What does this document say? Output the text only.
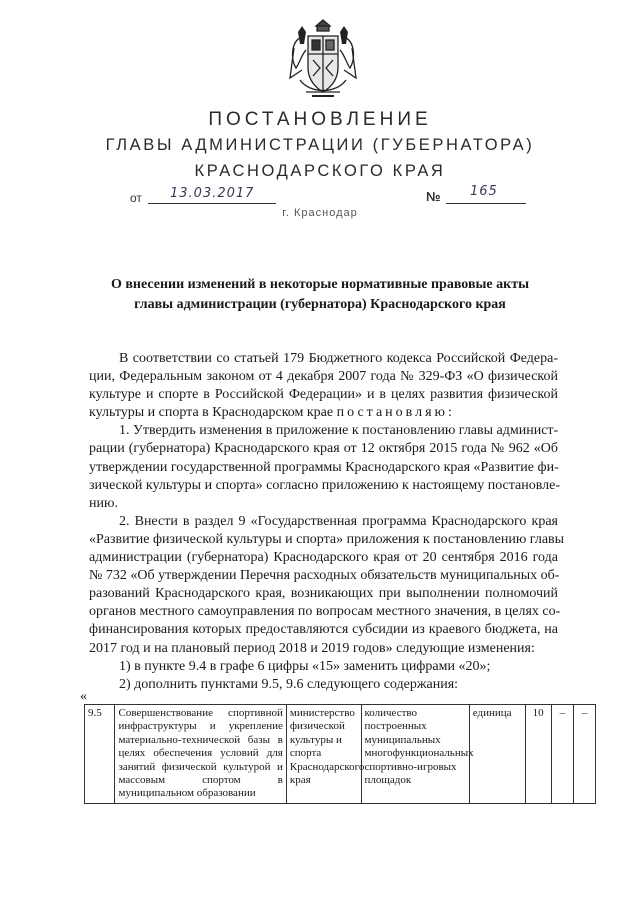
ПОСТАНОВЛЕНИЕ
ГЛАВЫ АДМИНИСТРАЦИИ (ГУБЕРНАТОРА)
КРАСНОДАРСКОГО КРАЯ
от 13.03.2017	№ 165
г. Краснодар
О внесении изменений в некоторые нормативные правовые акты
главы администрации (губернатора) Краснодарского края
В соответствии со статьей 179 Бюджетного кодекса Российской Федера-
ции, Федеральным законом от 4 декабря 2007 года № 329-ФЗ «О физической
культуре и спорте в Российской Федерации» и в целях развития физической
культуры и спорта в Краснодарском крае постановляю:
1. Утвердить изменения в приложение к постановлению главы админист-
рации (губернатора) Краснодарского края от 12 октября 2015 года № 962 «Об
утверждении государственной программы Краснодарского края «Развитие фи-
зической культуры и спорта» согласно приложению к настоящему постановле-
нию.
2. Внести в раздел 9 «Государственная программа Краснодарского края
«Развитие физической культуры и спорта» приложения к постановлению главы
администрации (губернатора) Краснодарского края от 20 сентября 2016 года
№ 732 «Об утверждении Перечня расходных обязательств муниципальных об-
разований Краснодарского края, возникающих при выполнении полномочий
органов местного самоуправления по вопросам местного значения, в целях со-
финансирования которых предоставляются субсидии из краевого бюджета, на
2017 год и на плановый период 2018 и 2019 годов» следующие изменения:
1) в пункте 9.4 в графе 6 цифры «15» заменить цифрами «20»;
2) дополнить пунктами 9.5, 9.6 следующего содержания:
«
9.5	Совершенствование спортивной инфраструктуры и укрепление материально-технической базы в целях обеспечения условий для занятий физической культурой и массовым спортом в муниципальном образовании	министерство физической культуры и спорта Краснодарского края	количество построенных муниципальных многофункциональных спортивно-игровых площадок	единица	10	–	–
